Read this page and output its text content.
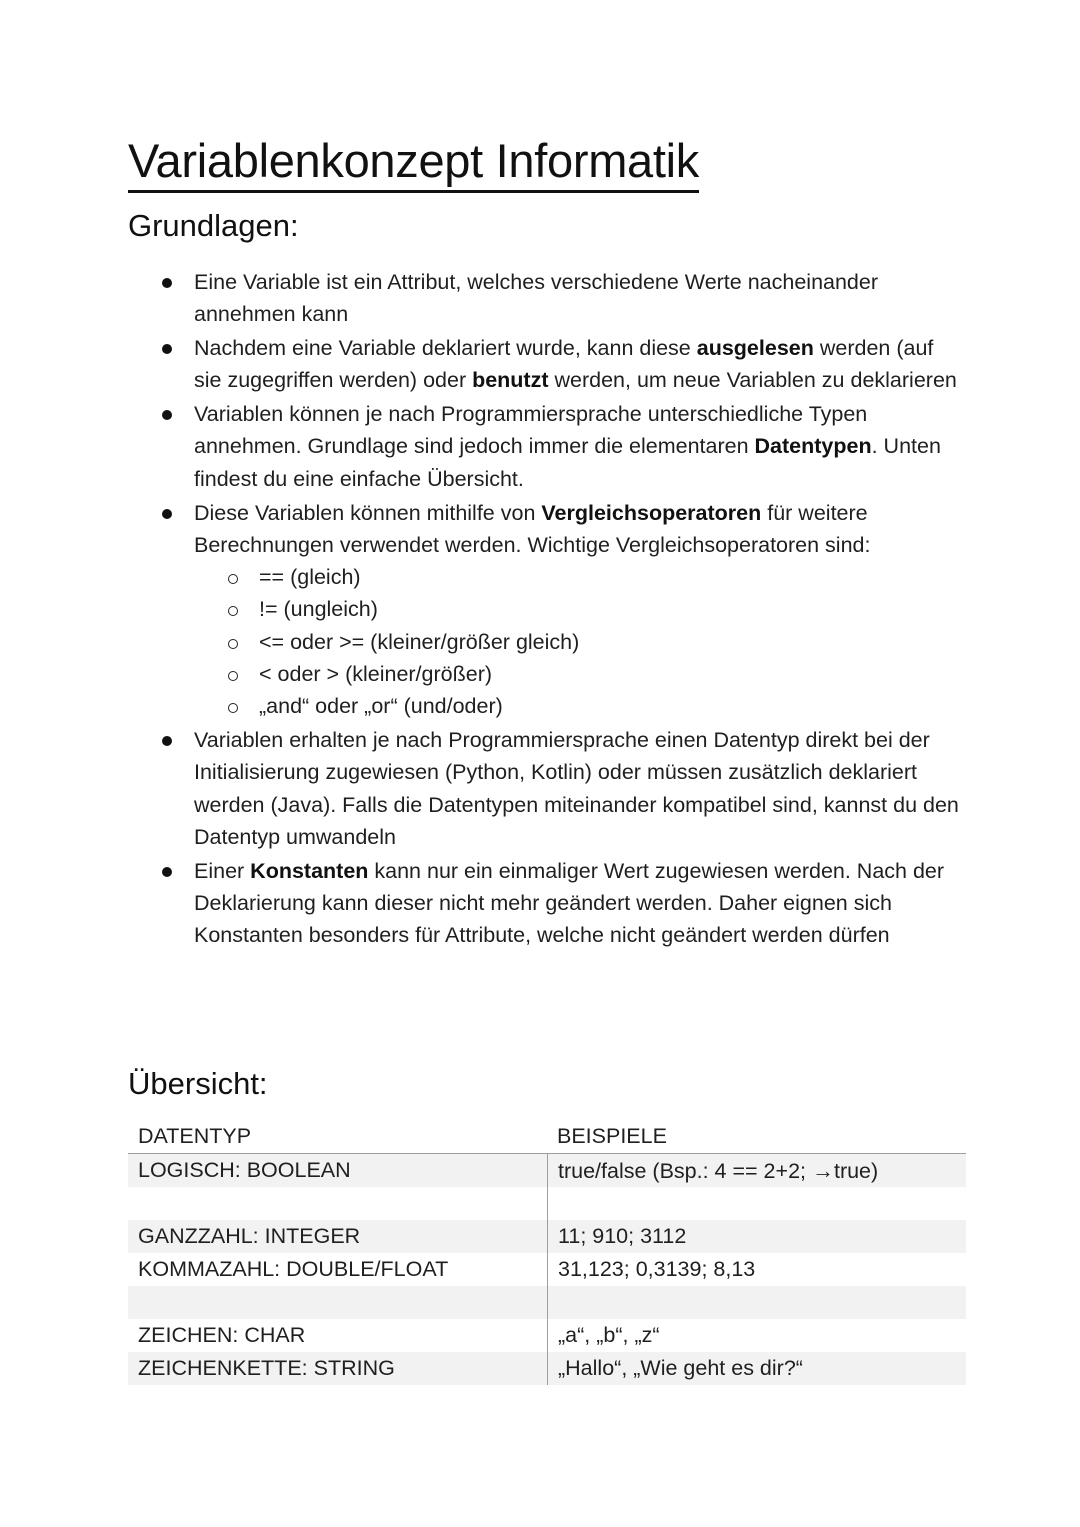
Variablenkonzept Informatik
Grundlagen:
Eine Variable ist ein Attribut, welches verschiedene Werte nacheinander annehmen kann
Nachdem eine Variable deklariert wurde, kann diese ausgelesen werden (auf sie zugegriffen werden) oder benutzt werden, um neue Variablen zu deklarieren
Variablen können je nach Programmiersprache unterschiedliche Typen annehmen. Grundlage sind jedoch immer die elementaren Datentypen. Unten findest du eine einfache Übersicht.
Diese Variablen können mithilfe von Vergleichsoperatoren für weitere Berechnungen verwendet werden. Wichtige Vergleichsoperatoren sind:
== (gleich)
!= (ungleich)
<= oder >= (kleiner/größer gleich)
< oder > (kleiner/größer)
„and“ oder „or“ (und/oder)
Variablen erhalten je nach Programmiersprache einen Datentyp direkt bei der Initialisierung zugewiesen (Python, Kotlin) oder müssen zusätzlich deklariert werden (Java). Falls die Datentypen miteinander kompatibel sind, kannst du den Datentyp umwandeln
Einer Konstanten kann nur ein einmaliger Wert zugewiesen werden. Nach der Deklarierung kann dieser nicht mehr geändert werden. Daher eignen sich Konstanten besonders für Attribute, welche nicht geändert werden dürfen
Übersicht:
DATENTYP	BEISPIELE
LOGISCH: BOOLEAN	true/false (Bsp.: 4 == 2+2; →true)
GANZZAHL: INTEGER	11; 910; 3112
KOMMAZAHL: DOUBLE/FLOAT	31,123; 0,3139; 8,13
ZEICHEN: CHAR	„a“, „b“, „z“
ZEICHENKETTE: STRING	„Hallo“, „Wie geht es dir?“
